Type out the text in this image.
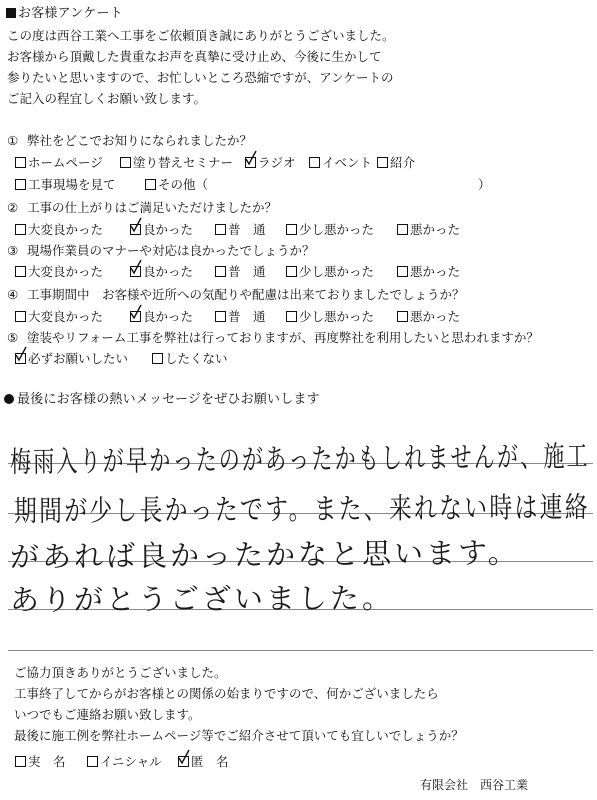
お客様アンケート
この度は西谷工業へ工事をご依頼頂き誠にありがとうございました。
お客様から頂戴した貴重なお声を真摯に受け止め、今後に生かして
参りたいと思いますので、お忙しいところ恐縮ですが、アンケートの
ご記入の程宜しくお願い致します。
① 弊社をどこでお知りになられましたか？
ホームページ	塗り替えセミナー	ラジオ	イベント	紹介
工事現場を見て	その他（	）
② 工事の仕上がりはご満足いただけましたか？
大変良かった	良かった	普　通	少し悪かった	悪かった
③ 現場作業員のマナーや対応は良かったでしょうか？
大変良かった	良かった	普　通	少し悪かった	悪かった
④ 工事期間中　お客様や近所への気配りや配慮は出来ておりましたでしょうか？
大変良かった	良かった	普　通	少し悪かった	悪かった
⑤ 塗装やリフォーム工事を弊社は行っておりますが、再度弊社を利用したいと思われますか？
必ずお願いしたい	したくない
最後にお客様の熱いメッセージをぜひお願いします
梅雨入りが早かったのがあったかもしれませんが、施工
期間が少し長かったです。また、来れない時は連絡
があれば良かったかなと思います。
ありがとうございました。
ご協力頂きありがとうございました。
工事終了してからがお客様との関係の始まりですので、何かございましたら
いつでもご連絡お願い致します。
最後に施工例を弊社ホームページ等でご紹介させて頂いても宜しいでしょうか？
実　名	イニシャル	匿　名
有限会社　西谷工業
